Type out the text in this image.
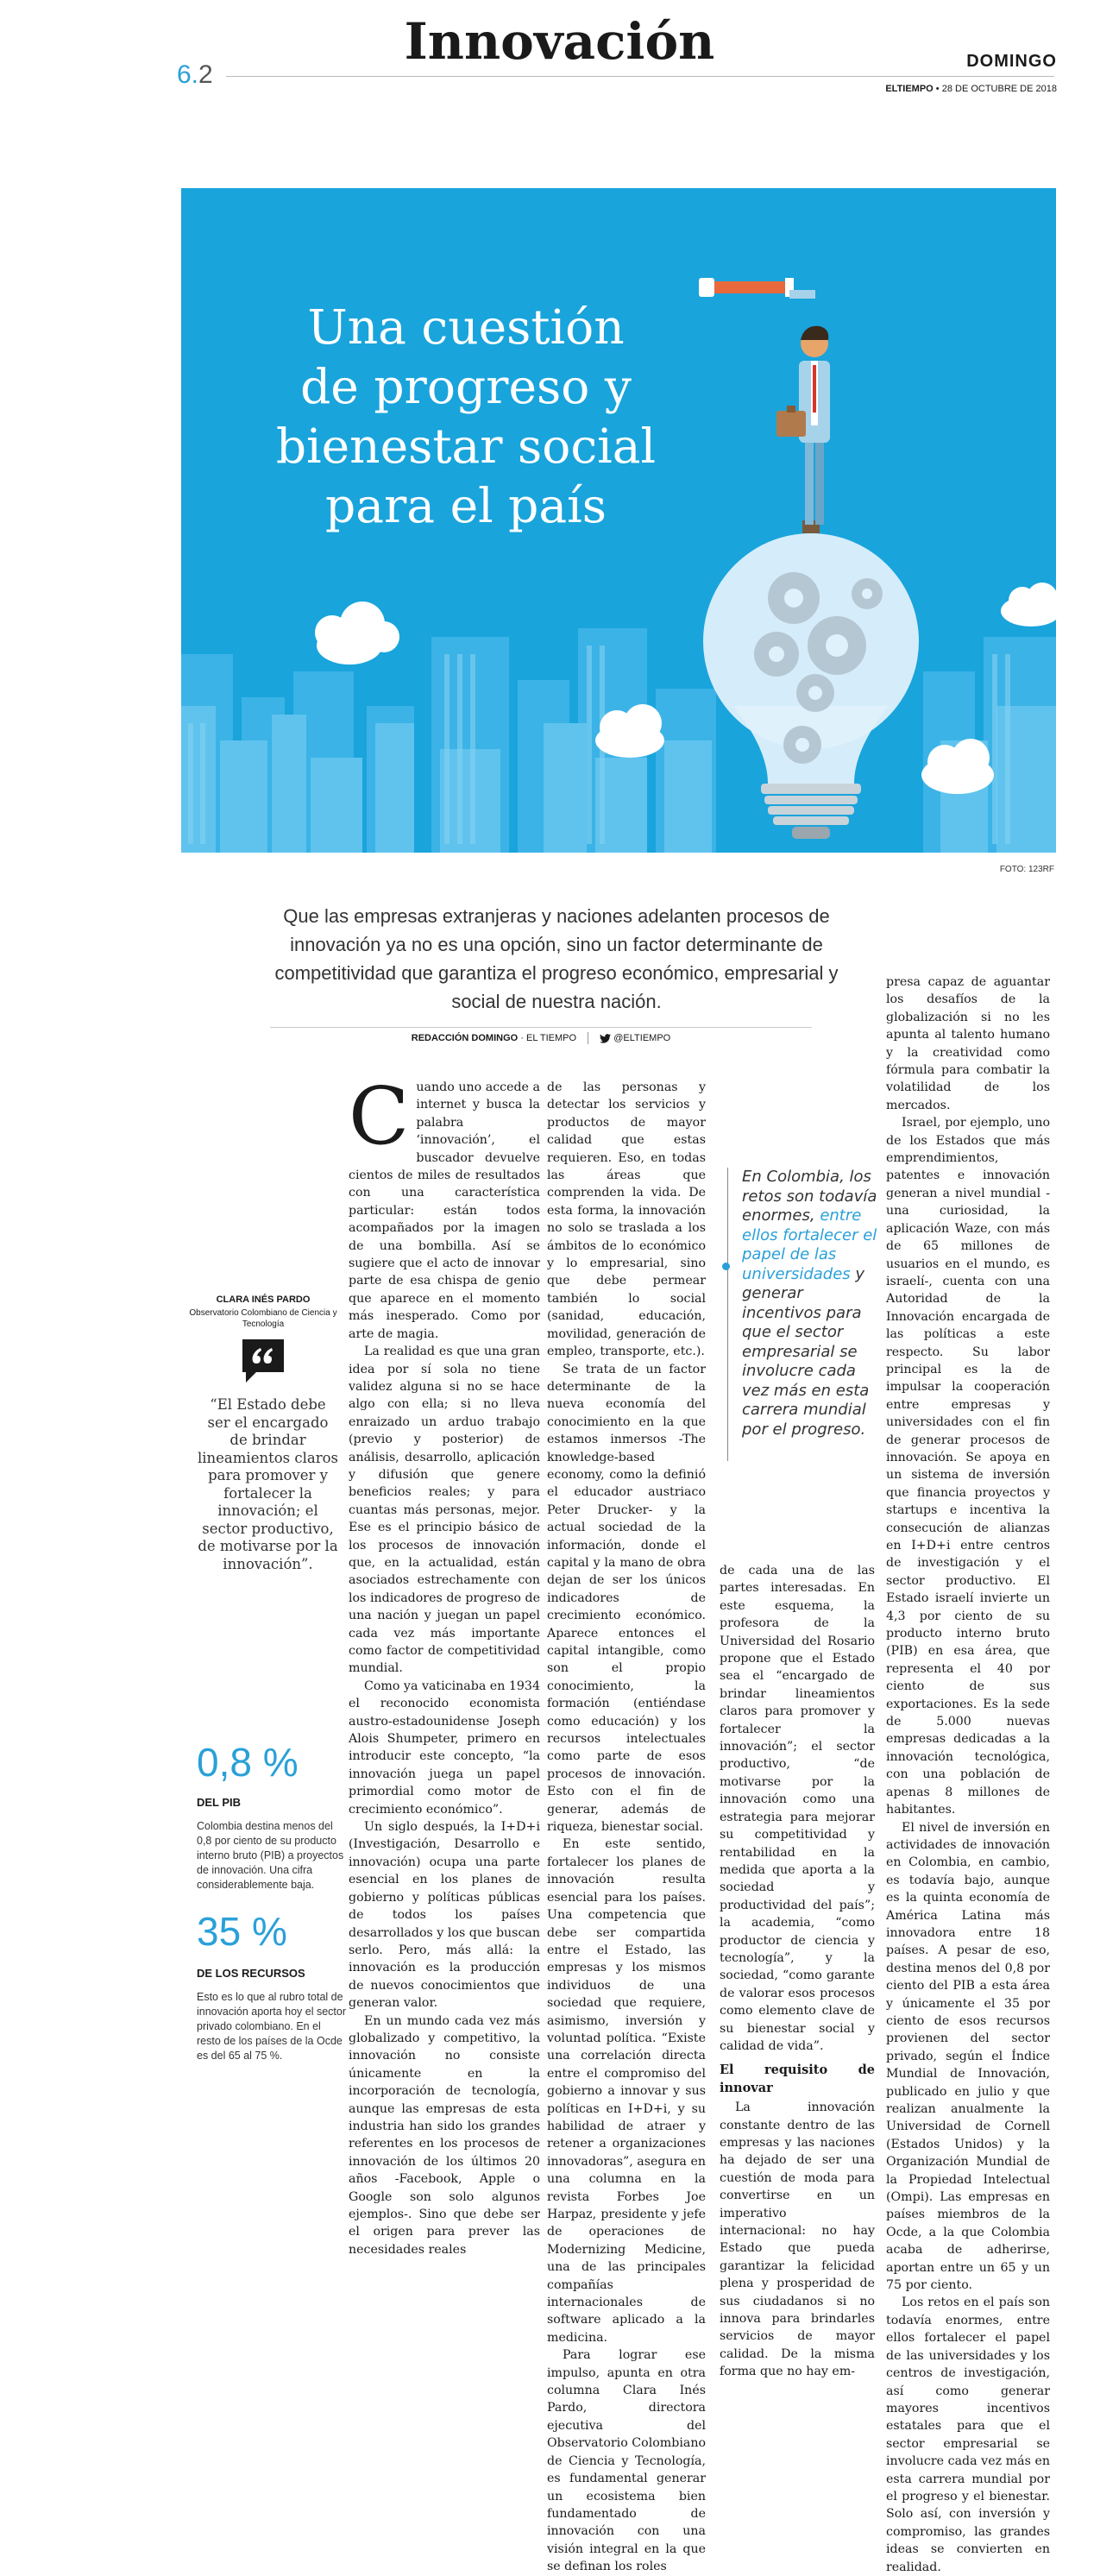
6.2
Innovación	DOMINGO
ELTIEMPO • 28 DE OCTUBRE DE 2018
Una cuestión
de progreso y
bienestar social
para el país
FOTO: 123RF
Que las empresas extranjeras y naciones adelanten procesos de innovación ya no es una opción, sino un factor determinante de competitividad que garantiza el progreso económico, empresarial y social de nuestra nación.
REDACCIÓN DOMINGO · EL TIEMPO	@ELTIEMPO
CLARA INÉS PARDO
Observatorio Colombiano de Ciencia y Tecnología
“El Estado debe ser el encargado de brindar lineamientos claros para promover y fortalecer la innovación; el sector productivo, de motivarse por la innovación”.
0,8 %
DEL PIB
Colombia destina menos del 0,8 por ciento de su producto interno bruto (PIB) a proyectos de innovación. Una cifra considerablemente baja.
35 %
DE LOS RECURSOS
Esto es lo que al rubro total de innovación aporta hoy el sector privado colombiano. En el resto de los países de la Ocde es del 65 al 75 %.
En Colombia, los retos son todavía enormes, entre ellos fortalecer el papel de las universidades y generar incentivos para que el sector empresarial se involucre cada vez más en esta carrera mundial por el progreso.
C uando uno accede a internet y busca la palabra ‘innovación’, el buscador devuelve cientos de miles de resultados con una característica particular: están todos acompañados por la imagen de una bombilla. Así se sugiere que el acto de innovar parte de esa chispa de genio que aparece en el momento más inesperado. Como por arte de magia.

La realidad es que una gran idea por sí sola no tiene validez alguna si no se hace algo con ella; si no lleva enraizado un arduo trabajo (previo y posterior) de análisis, desarrollo, aplicación y difusión que genere beneficios reales; y para cuantas más personas, mejor. Ese es el principio básico de los procesos de innovación que, en la actualidad, están asociados estrechamente con los indicadores de progreso de una nación y juegan un papel cada vez más importante como factor de competitividad mundial.

Como ya vaticinaba en 1934 el reconocido economista austro-estadounidense Joseph Alois Shumpeter, primero en introducir este concepto, “la innovación juega un papel primordial como motor de crecimiento económico”.

Un siglo después, la I+D+i (Investigación, Desarrollo e innovación) ocupa una parte esencial en los planes de gobierno y políticas públicas de todos los países desarrollados y los que buscan serlo. Pero, más allá: la innovación es la producción de nuevos conocimientos que generan valor.

En un mundo cada vez más globalizado y competitivo, la innovación no consiste únicamente en la incorporación de tecnología, aunque las empresas de esta industria han sido los grandes referentes en los procesos de innovación de los últimos 20 años -Facebook, Apple o Google son solo algunos ejemplos-. Sino que debe ser el origen para prever las necesidades reales

de las personas y detectar los servicios y productos de mayor calidad que estas requieren. Eso, en todas las áreas que comprenden la vida. De esta forma, la innovación no solo se traslada a los ámbitos de lo económico y lo empresarial, sino que debe permear también lo social (sanidad, educación, movilidad, generación de empleo, transporte, etc.).

Se trata de un factor determinante de la nueva economía del conocimiento en la que estamos inmersos -The knowledge-based economy, como la definió el educador austriaco Peter Drucker- y la actual sociedad de la información, donde el capital y la mano de obra dejan de ser los únicos indicadores de crecimiento económico. Aparece entonces el capital intangible, como son el propio conocimiento, la formación (entiéndase como educación) y los recursos intelectuales como parte de esos procesos de innovación. Esto con el fin de generar, además de riqueza, bienestar social.

En este sentido, fortalecer los planes de innovación resulta esencial para los países. Una competencia que debe ser compartida entre el Estado, las empresas y los mismos individuos de una sociedad que requiere, asimismo, inversión y voluntad política. “Existe una correlación directa entre el compromiso del gobierno a innovar y sus políticas en I+D+i, y su habilidad de atraer y retener a organizaciones innovadoras”, asegura en una columna en la revista Forbes Joe Harpaz, presidente y jefe de operaciones de Modernizing Medicine, una de las principales compañías internacionales de software aplicado a la medicina.

Para lograr ese impulso, apunta en otra columna Clara Inés Pardo, directora ejecutiva del Observatorio Colombiano de Ciencia y Tecnología, es fundamental generar un ecosistema bien fundamentado de innovación con una visión integral en la que se definan los roles

de cada una de las partes interesadas. En este esquema, la profesora de la Universidad del Rosario propone que el Estado sea el “encargado de brindar lineamientos claros para promover y fortalecer la innovación”; el sector productivo, “de motivarse por la innovación como una estrategia para mejorar su competitividad y rentabilidad en la medida que aporta a la sociedad y productividad del país”; la academia, “como productor de ciencia y tecnología”, y la sociedad, “como garante de valorar esos procesos como elemento clave de su bienestar social y calidad de vida”.

El requisito de innovar

La innovación constante dentro de las empresas y las naciones ha dejado de ser una cuestión de moda para convertirse en un imperativo internacional: no hay Estado que pueda garantizar la felicidad plena y prosperidad de sus ciudadanos si no innova para brindarles servicios de mayor calidad. De la misma forma que no hay em-

presa capaz de aguantar los desafíos de la globalización si no les apunta al talento humano y la creatividad como fórmula para combatir la volatilidad de los mercados.

Israel, por ejemplo, uno de los Estados que más emprendimientos, patentes e innovación generan a nivel mundial -una curiosidad, la aplicación Waze, con más de 65 millones de usuarios en el mundo, es israelí-, cuenta con una Autoridad de la Innovación encargada de las políticas a este respecto. Su labor principal es la de impulsar la cooperación entre empresas y universidades con el fin de generar procesos de innovación. Se apoya en un sistema de inversión que financia proyectos y startups e incentiva la consecución de alianzas en I+D+i entre centros de investigación y el sector productivo. El Estado israelí invierte un 4,3 por ciento de su producto interno bruto (PIB) en esa área, que representa el 40 por ciento de sus exportaciones. Es la sede de 5.000 nuevas empresas dedicadas a la innovación tecnológica, con una población de apenas 8 millones de habitantes.

El nivel de inversión en actividades de innovación en Colombia, en cambio, es todavía bajo, aunque es la quinta economía de América Latina más innovadora entre 18 países. A pesar de eso, destina menos del 0,8 por ciento del PIB a esta área y únicamente el 35 por ciento de esos recursos provienen del sector privado, según el Índice Mundial de Innovación, publicado en julio y que realizan anualmente la Universidad de Cornell (Estados Unidos) y la Organización Mundial de la Propiedad Intelectual (Ompi). Las empresas en países miembros de la Ocde, a la que Colombia acaba de adherirse, aportan entre un 65 y un 75 por ciento.

Los retos en el país son todavía enormes, entre ellos fortalecer el papel de las universidades y los centros de investigación, así como generar mayores incentivos estatales para que el sector empresarial se involucre cada vez más en esta carrera mundial por el progreso y el bienestar. Solo así, con inversión y compromiso, las grandes ideas se convierten en realidad.
